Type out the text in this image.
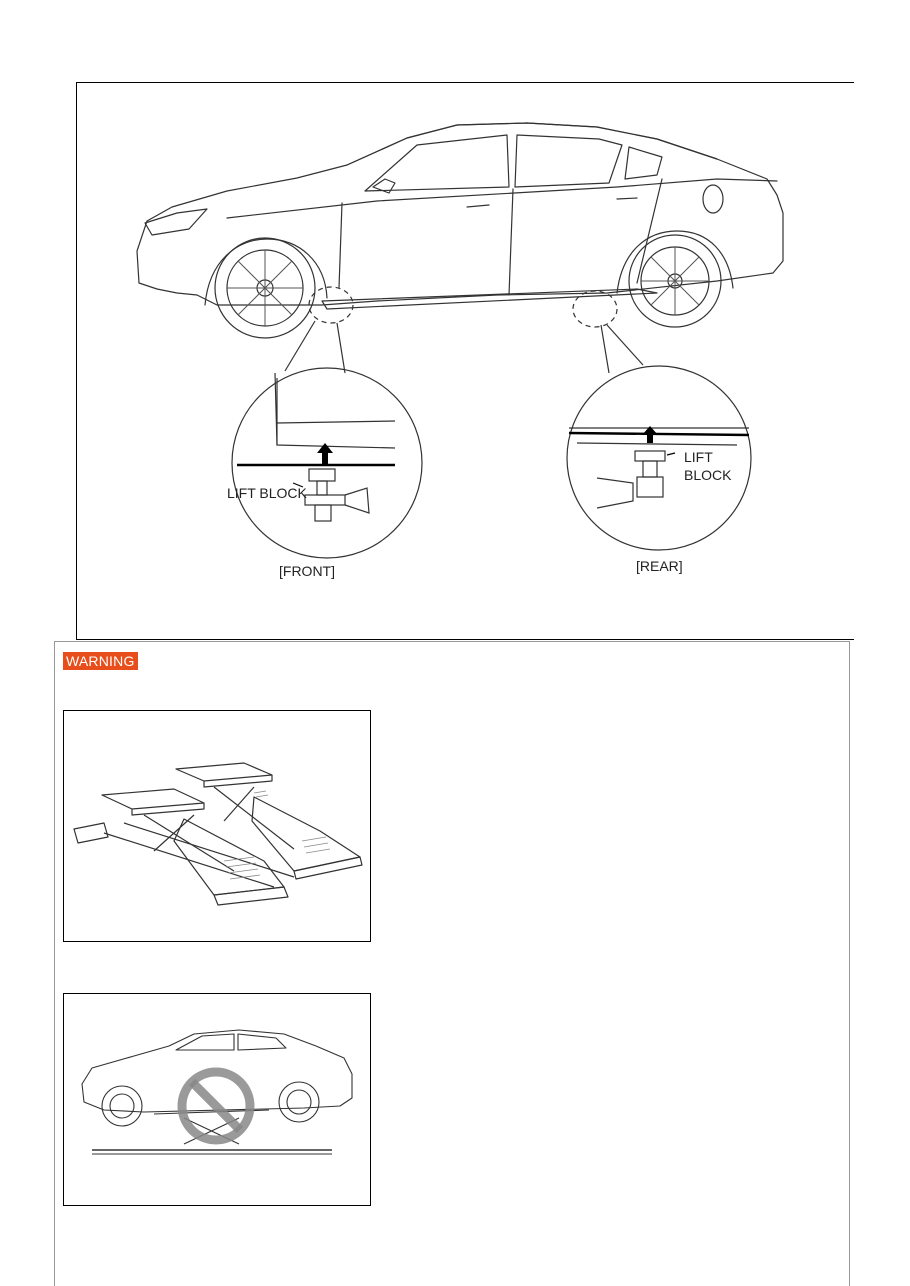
LIFT BLOCK
LIFT
BLOCK
[FRONT]	[REAR]
WARNING
